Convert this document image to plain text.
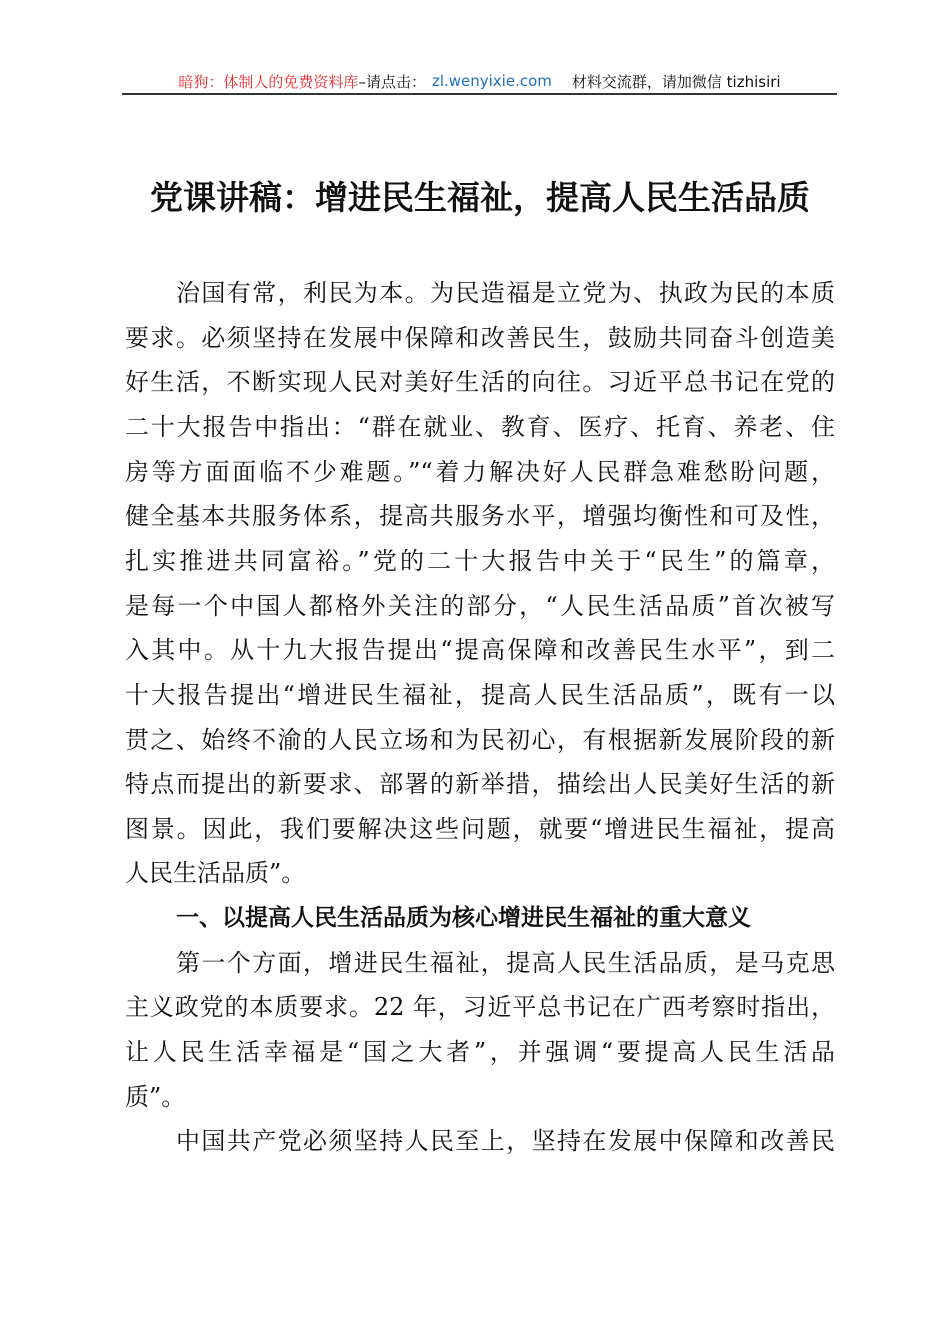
暗狗：体制人的免费资料库 –请点击： zl.wenyixie.com 材料交流群，请加微信 tizhisiri
党课讲稿：增进民生福祉，提高人民生活品质
治国有常，利民为本。为民造福是立党为、执政为民的本质
要求。必须坚持在发展中保障和改善民生，鼓励共同奋斗创造美
好生活，不断实现人民对美好生活的向往。习近平总书记在党的
二十大报告中指出：“群在就业、教育、医疗、托育、养老、住
房等方面面临不少难题。”“着力解决好人民群急难愁盼问题，
健全基本共服务体系，提高共服务水平，增强均衡性和可及性，
扎实推进共同富裕。”党的二十大报告中关于“民生”的篇章，
是每一个中国人都格外关注的部分，“人民生活品质”首次被写
入其中。从十九大报告提出“提高保障和改善民生水平”，到二
十大报告提出“增进民生福祉，提高人民生活品质”，既有一以
贯之、始终不渝的人民立场和为民初心，有根据新发展阶段的新
特点而提出的新要求、部署的新举措，描绘出人民美好生活的新
图景。因此，我们要解决这些问题，就要“增进民生福祉，提高
人民生活品质”。
一、以提高人民生活品质为核心增进民生福祉的重大意义
第一个方面，增进民生福祉，提高人民生活品质，是马克思
主义政党的本质要求。22 年，习近平总书记在广西考察时指出，
让人民生活幸福是“国之大者”，并强调“要提高人民生活品
质”。
中国共产党必须坚持人民至上，坚持在发展中保障和改善民
